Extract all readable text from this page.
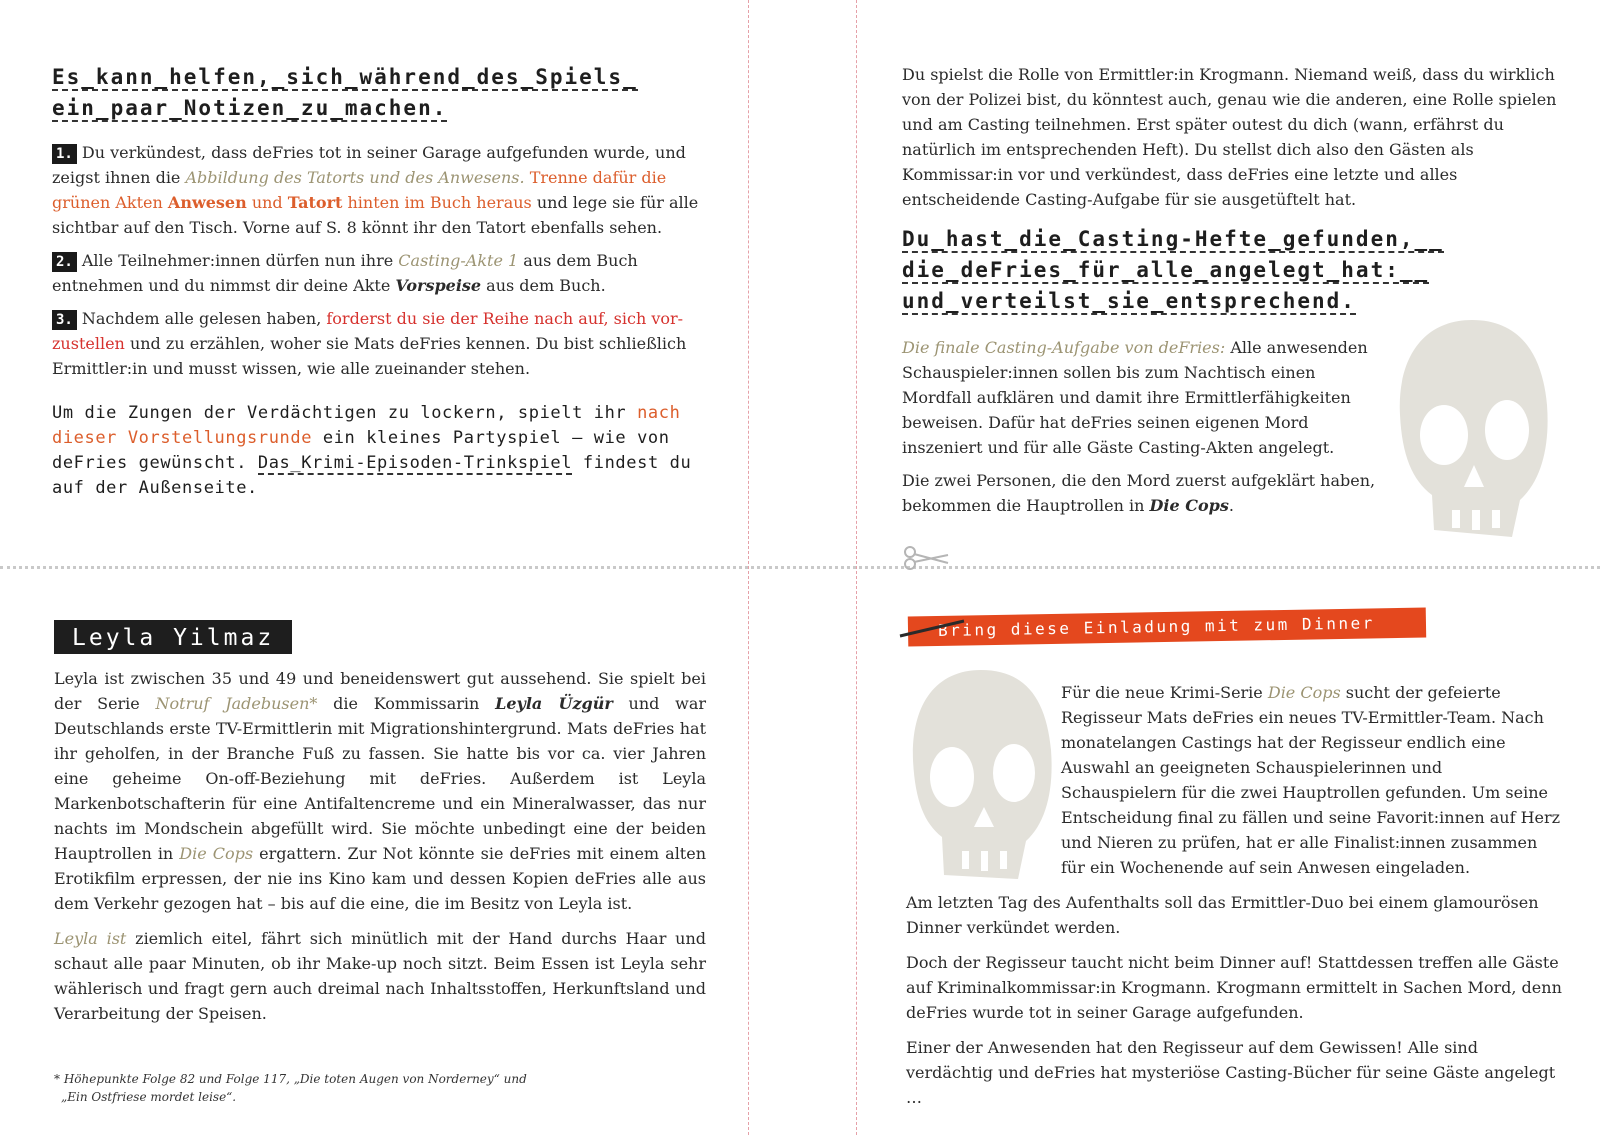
Es_kann_helfen,_sich_während_des_Spiels_
ein_paar_Notizen_zu_machen.

1. Du verkündest, dass deFries tot in seiner Garage aufgefunden wurde, und zeigst ihnen die Abbildung des Tatorts und des Anwesens. Trenne dafür die grünen Akten Anwesen und Tatort hinten im Buch heraus und lege sie für alle sichtbar auf den Tisch. Vorne auf S. 8 könnt ihr den Tatort ebenfalls sehen.

2. Alle Teilnehmer:innen dürfen nun ihre Casting-Akte 1 aus dem Buch entnehmen und du nimmst dir deine Akte Vorspeise aus dem Buch.

3. Nachdem alle gelesen haben, forderst du sie der Reihe nach auf, sich vor-zustellen und zu erzählen, woher sie Mats deFries kennen. Du bist schließlich Ermittler:in und musst wissen, wie alle zueinander stehen.

Um die Zungen der Verdächtigen zu lockern, spielt ihr nach dieser Vorstellungsrunde ein kleines Partyspiel – wie von deFries gewünscht. Das_Krimi-Episoden-Trinkspiel findest du auf der Außenseite.

Du spielst die Rolle von Ermittler:in Krogmann. Niemand weiß, dass du wirklich von der Polizei bist, du könntest auch, genau wie die anderen, eine Rolle spielen und am Casting teilnehmen. Erst später outest du dich (wann, erfährst du natürlich im entsprechenden Heft). Du stellst dich also den Gästen als Kommissar:in vor und verkündest, dass deFries eine letzte und alles entscheidende Casting-Aufgabe für sie ausgetüftelt hat.

Du_hast_die_Casting-Hefte_gefunden,__
die_deFries_für_alle_angelegt_hat:__
und_verteilst_sie_entsprechend.

Die finale Casting-Aufgabe von deFries: Alle anwesenden Schauspieler:innen sollen bis zum Nachtisch einen Mordfall aufklären und damit ihre Ermittlerfähigkeiten beweisen. Dafür hat deFries seinen eigenen Mord inszeniert und für alle Gäste Casting-Akten angelegt.

Die zwei Personen, die den Mord zuerst aufgeklärt haben, bekommen die Hauptrollen in Die Cops.

Leyla Yilmaz

Leyla ist zwischen 35 und 49 und beneidenswert gut aussehend. Sie spielt bei der Serie Notruf Jadebusen* die Kommissarin Leyla Üzgür und war Deutschlands erste TV-Ermittlerin mit Migrationshintergrund. Mats deFries hat ihr geholfen, in der Branche Fuß zu fassen. Sie hatte bis vor ca. vier Jahren eine geheime On-off-Beziehung mit deFries. Außerdem ist Leyla Markenbotschafterin für eine Antifaltencreme und ein Mineralwasser, das nur nachts im Mondschein abgefüllt wird. Sie möchte unbedingt eine der beiden Hauptrollen in Die Cops ergattern. Zur Not könnte sie deFries mit einem alten Erotikfilm erpressen, der nie ins Kino kam und dessen Kopien deFries alle aus dem Verkehr gezogen hat – bis auf die eine, die im Besitz von Leyla ist.

Leyla ist ziemlich eitel, fährt sich minütlich mit der Hand durchs Haar und schaut alle paar Minuten, ob ihr Make-up noch sitzt. Beim Essen ist Leyla sehr wählerisch und fragt gern auch dreimal nach Inhaltsstoffen, Herkunftsland und Verarbeitung der Speisen.

* Höhepunkte Folge 82 und Folge 117, „Die toten Augen von Norderney“ und
„Ein Ostfriese mordet leise“.
Bring diese Einladung mit zum Dinner

Für die neue Krimi-Serie Die Cops sucht der gefeierte Regisseur Mats deFries ein neues TV-Ermittler-Team. Nach monatelangen Castings hat der Regisseur endlich eine Auswahl an geeigneten Schauspielerinnen und Schauspielern für die zwei Hauptrollen gefunden. Um seine Entscheidung final zu fällen und seine Favorit:innen auf Herz und Nieren zu prüfen, hat er alle Finalist:innen zusammen für ein Wochenende auf sein Anwesen eingeladen.

Am letzten Tag des Aufenthalts soll das Ermittler-Duo bei einem glamourösen Dinner verkündet werden.

Doch der Regisseur taucht nicht beim Dinner auf! Stattdessen treffen alle Gäste auf Kriminalkommissar:in Krogmann. Krogmann ermittelt in Sachen Mord, denn deFries wurde tot in seiner Garage aufgefunden.

Einer der Anwesenden hat den Regisseur auf dem Gewissen! Alle sind verdächtig und deFries hat mysteriöse Casting-Bücher für seine Gäste angelegt …
